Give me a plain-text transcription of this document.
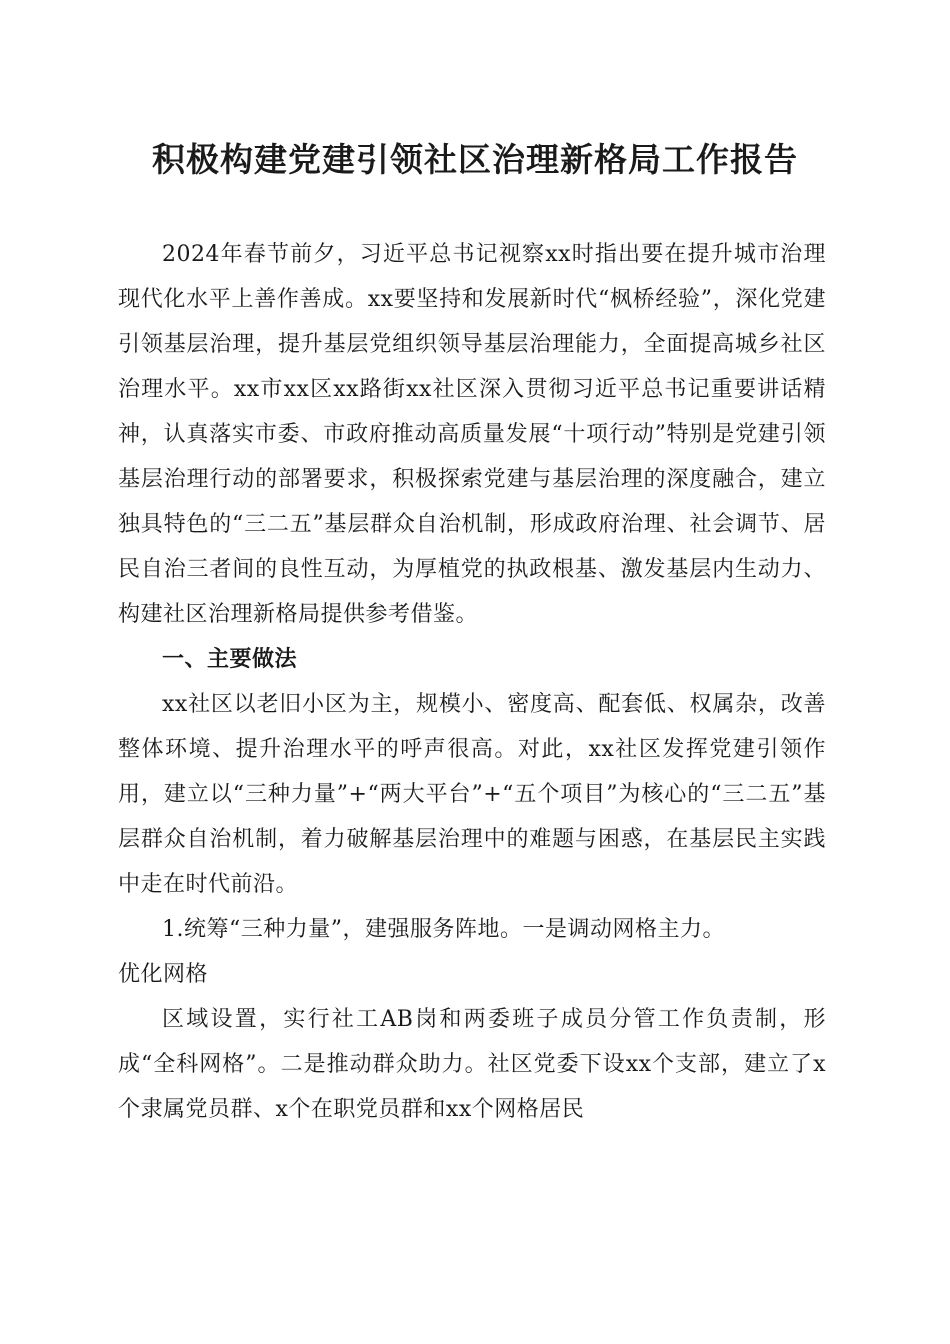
积极构建党建引领社区治理新格局工作报告

2024年春节前夕，习近平总书记视察xx时指出要在提升城市治理现代化水平上善作善成。xx要坚持和发展新时代“枫桥经验”，深化党建引领基层治理，提升基层党组织领导基层治理能力，全面提高城乡社区治理水平。xx市xx区xx路街xx社区深入贯彻习近平总书记重要讲话精神，认真落实市委、市政府推动高质量发展“十项行动”特别是党建引领基层治理行动的部署要求，积极探索党建与基层治理的深度融合，建立独具特色的“三二五”基层群众自治机制，形成政府治理、社会调节、居民自治三者间的良性互动，为厚植党的执政根基、激发基层内生动力、构建社区治理新格局提供参考借鉴。

一、主要做法

xx社区以老旧小区为主，规模小、密度高、配套低、权属杂，改善整体环境、提升治理水平的呼声很高。对此，xx社区发挥党建引领作用，建立以“三种力量”+“两大平台”+“五个项目”为核心的“三二五”基层群众自治机制，着力破解基层治理中的难题与困惑，在基层民主实践中走在时代前沿。

1.统筹“三种力量”，建强服务阵地。一是调动网格主力。

优化网格

区域设置，实行社工AB岗和两委班子成员分管工作负责制，形成“全科网格”。二是推动群众助力。社区党委下设xx个支部，建立了x个隶属党员群、x个在职党员群和xx个网格居民
